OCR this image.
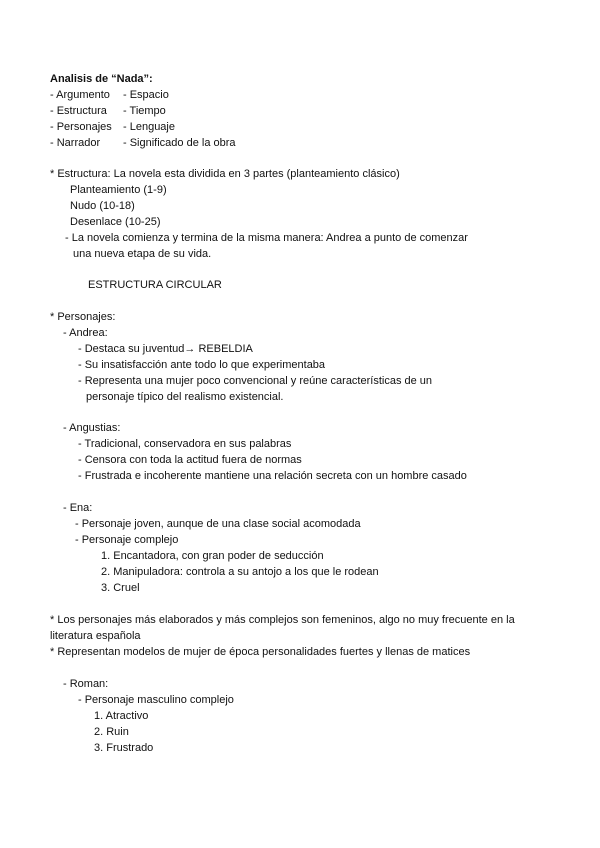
Analisis de “Nada”:
- Argumento - Espacio
- Estructura - Tiempo
- Personajes - Lenguaje
- Narrador - Significado de la obra
* Estructura: La novela esta dividida en 3 partes (planteamiento clásico)
Planteamiento (1-9)
Nudo (10-18)
Desenlace (10-25)
- La novela comienza y termina de la misma manera: Andrea a punto de comenzar
una nueva etapa de su vida.
ESTRUCTURA CIRCULAR
* Personajes:
- Andrea:
- Destaca su juventud→ REBELDIA
- Su insatisfacción ante todo lo que experimentaba
- Representa una mujer poco convencional y reúne características de un
personaje típico del realismo existencial.
- Angustias:
- Tradicional, conservadora en sus palabras
- Censora con toda la actitud fuera de normas
- Frustrada e incoherente mantiene una relación secreta con un hombre casado
- Ena:
- Personaje joven, aunque de una clase social acomodada
- Personaje complejo
1. Encantadora, con gran poder de seducción
2. Manipuladora: controla a su antojo a los que le rodean
3. Cruel
* Los personajes más elaborados y más complejos son femeninos, algo no muy frecuente en la
literatura española
* Representan modelos de mujer de época personalidades fuertes y llenas de matices
- Roman:
- Personaje masculino complejo
1. Atractivo
2. Ruin
3. Frustrado
